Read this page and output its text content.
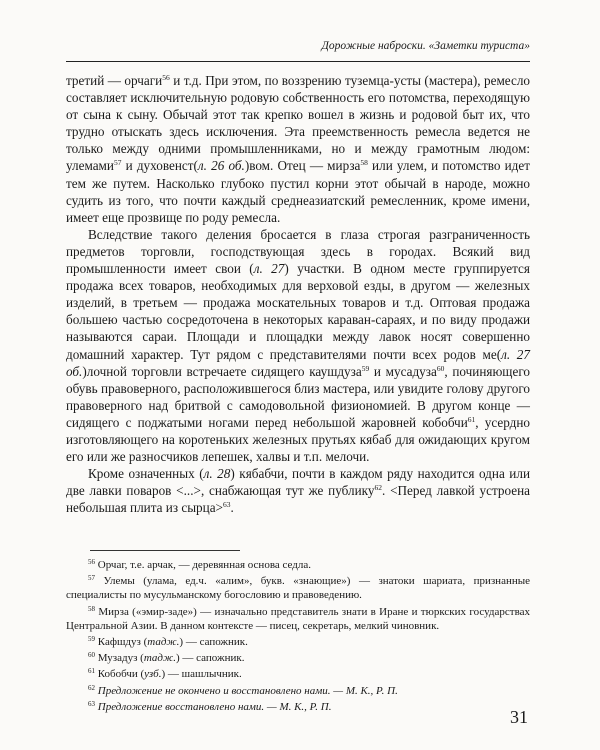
Дорожные наброски. «Заметки туриста»

третий — орчаги$^{56}$ и т.д. При этом, по воззрению туземца-усты (мастера), ремесло составляет исключительную родовую собственность его потомства, переходящую от сына к сыну. Обычай этот так крепко вошел в жизнь и родовой быт их, что трудно отыскать здесь исключения. Эта преемственность ремесла ведется не только между одними промышленниками, но и между грамотным людом: улемами$^{57}$ и духовенст(л. 26 об.)вом. Отец — мирза$^{58}$ или улем, и потомство идет тем же путем. Насколько глубоко пустил корни этот обычай в народе, можно судить из того, что почти каждый среднеазиатский ремесленник, кроме имени, имеет еще прозвище по роду ремесла.

Вследствие такого деления бросается в глаза строгая разграниченность предметов торговли, господствующая здесь в городах. Всякий вид промышленности имеет свои (л. 27) участки. В одном месте группируется продажа всех товаров, необходимых для верховой езды, в другом — железных изделий, в третьем — продажа москательных товаров и т.д. Оптовая продажа большею частью сосредоточена в некоторых караван-сараях, и по виду продажи называются сараи. Площади и площадки между лавок носят совершенно домашний характер. Тут рядом с представителями почти всех родов ме(л. 27 об.)лочной торговли встречаете сидящего каушдуза$^{59}$ и мусадуза$^{60}$, починяющего обувь правоверного, расположившегося близ мастера, или увидите голову другого правоверного над бритвой с самодовольной физиономией. В другом конце — сидящего с поджатыми ногами перед небольшой жаровней кобобчи$^{61}$, усердно изготовляющего на коротеньких железных прутьях кябаб для ожидающих кругом его или же разносчиков лепешек, халвы и т.п. мелочи.

Кроме означенных (л. 28) кябабчи, почти в каждом ряду находится одна или две лавки поваров <...>, снабжающая тут же публику$^{62}$. <Перед лавкой устроена небольшая плита из сырца>$^{63}$.

$^{56}$ Орчаг, т.е. арчак, — деревянная основа седла.
$^{57}$ Улемы (улама, ед.ч. «алим», букв. «знающие») — знатоки шариата, признанные специалисты по мусульманскому богословию и правоведению.
$^{58}$ Мирза («эмир-заде») — изначально представитель знати в Иране и тюркских государствах Центральной Азии. В данном контексте — писец, секретарь, мелкий чиновник.
$^{59}$ Кафшдуз (тадж.) — сапожник.
$^{60}$ Музадуз (тадж.) — сапожник.
$^{61}$ Кобобчи (узб.) — шашлычник.
$^{62}$ Предложение не окончено и восстановлено нами. — М. К., Р. П.
$^{63}$ Предложение восстановлено нами. — М. К., Р. П.
31
